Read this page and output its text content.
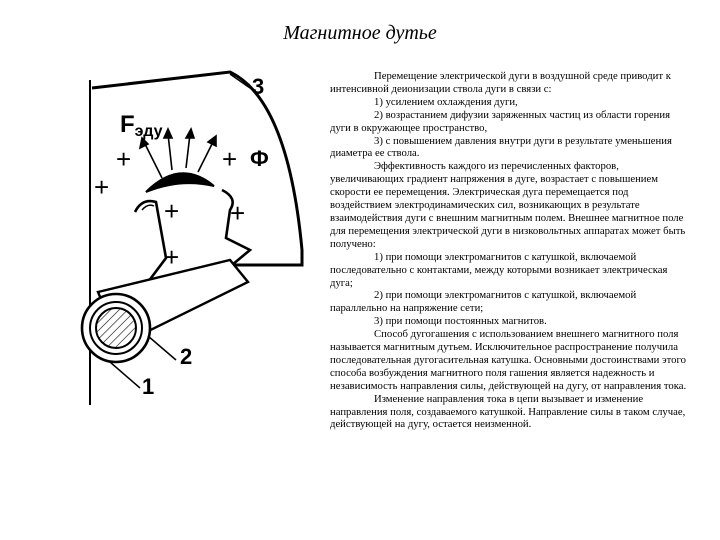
Магнитное дутье
Fэду
Ф
3
2
1
+	+
+
+ +
+

Перемещение электрической дуги в воздушной среде приводит к интенсивной деионизации ствола дуги в связи с:

1) усилением охлаждения дуги,

2) возрастанием дифузии заряженных частиц из области горения дуги в окружающее пространство,

3) с повышением давления внутри дуги в результате уменьшения диаметра ее ствола.

Эффективность каждого из перечисленных факторов, увеличивающих градиент напряжения в дуге, возрастает с повышением скорости ее перемещения. Электрическая дуга перемещается под воздействием электродинамических сил, возникающих в результате взаимодействия дуги с внешним магнитным полем. Внешнее магнитное поле для перемещения электрической дуги в низковольтных аппаратах может быть получено:

1) при помощи электромагнитов с катушкой, включаемой последовательно с контактами, между которыми возникает электрическая дуга;

2) при помощи электромагнитов с катушкой, включаемой параллельно на напряжение сети;

3) при помощи постоянных магнитов.

Способ дугогашения с использованием внешнего магнитного поля называется магнитным дутьем. Исключительное распространение получила последовательная дугогасительная катушка. Основными достоинствами этого способа возбуждения магнитного поля гашения является надежность и независимость направления силы, действующей на дугу, от направления тока.

Изменение направления тока в цепи вызывает и изменение направления поля, создаваемого катушкой. Направление силы в таком случае, действующей на дугу, остается неизменной.
